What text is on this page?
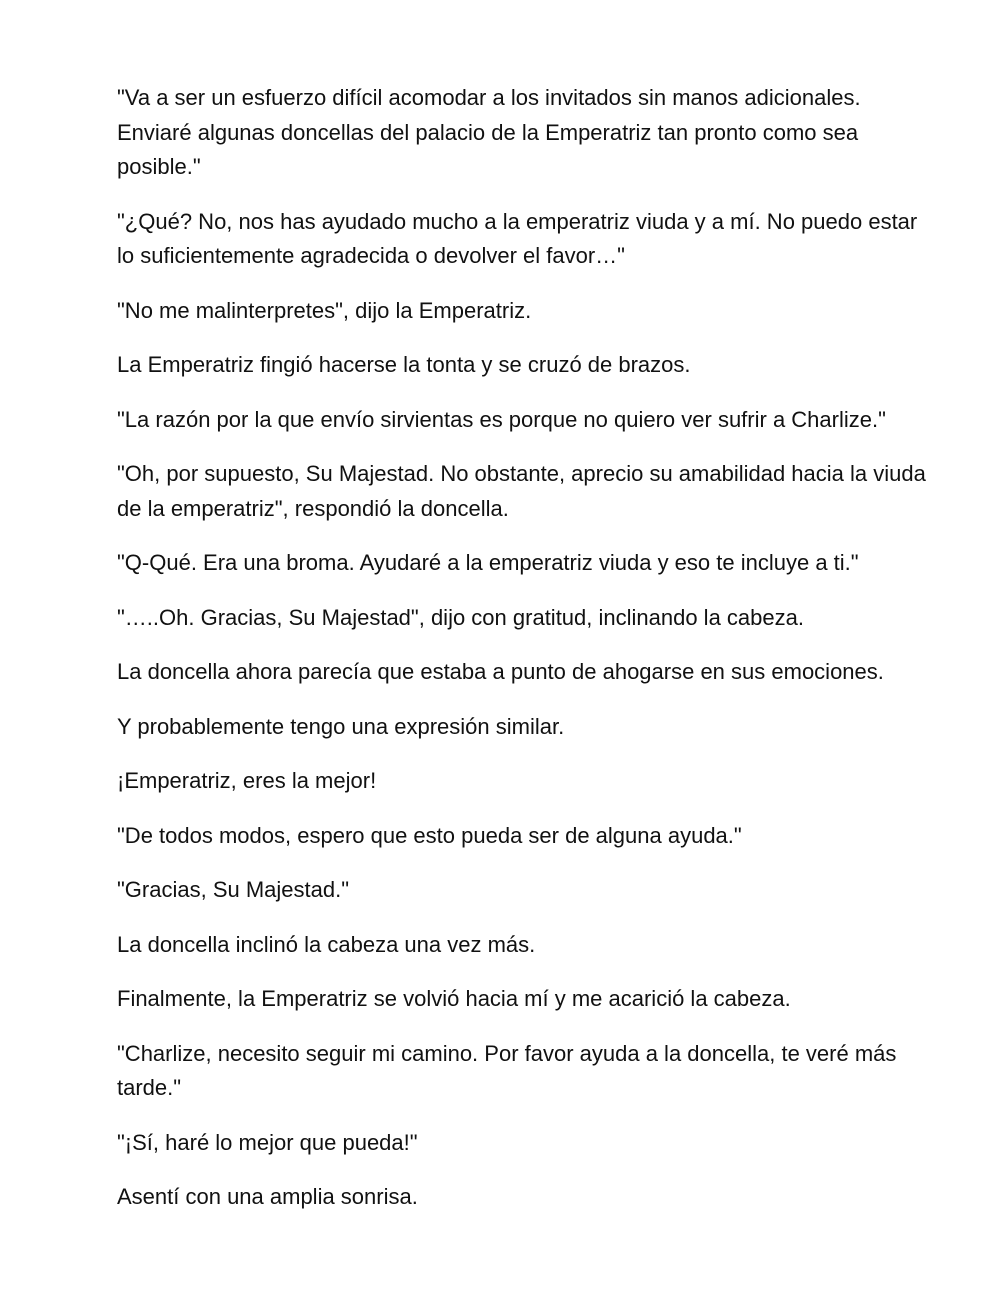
"Va a ser un esfuerzo difícil acomodar a los invitados sin manos adicionales. Enviaré algunas doncellas del palacio de la Emperatriz tan pronto como sea posible."

"¿Qué? No, nos has ayudado mucho a la emperatriz viuda y a mí. No puedo estar lo suficientemente agradecida o devolver el favor…"

"No me malinterpretes", dijo la Emperatriz.

La Emperatriz fingió hacerse la tonta y se cruzó de brazos.

"La razón por la que envío sirvientas es porque no quiero ver sufrir a Charlize."

"Oh, por supuesto, Su Majestad. No obstante, aprecio su amabilidad hacia la viuda de la emperatriz", respondió la doncella.

"Q-Qué. Era una broma. Ayudaré a la emperatriz viuda y eso te incluye a ti."

"…..Oh. Gracias, Su Majestad", dijo con gratitud, inclinando la cabeza.

La doncella ahora parecía que estaba a punto de ahogarse en sus emociones.

Y probablemente tengo una expresión similar.

¡Emperatriz, eres la mejor!

"De todos modos, espero que esto pueda ser de alguna ayuda."

"Gracias, Su Majestad."

La doncella inclinó la cabeza una vez más.

Finalmente, la Emperatriz se volvió hacia mí y me acarició la cabeza.

"Charlize, necesito seguir mi camino. Por favor ayuda a la doncella, te veré más tarde."

"¡Sí, haré lo mejor que pueda!"

Asentí con una amplia sonrisa.
